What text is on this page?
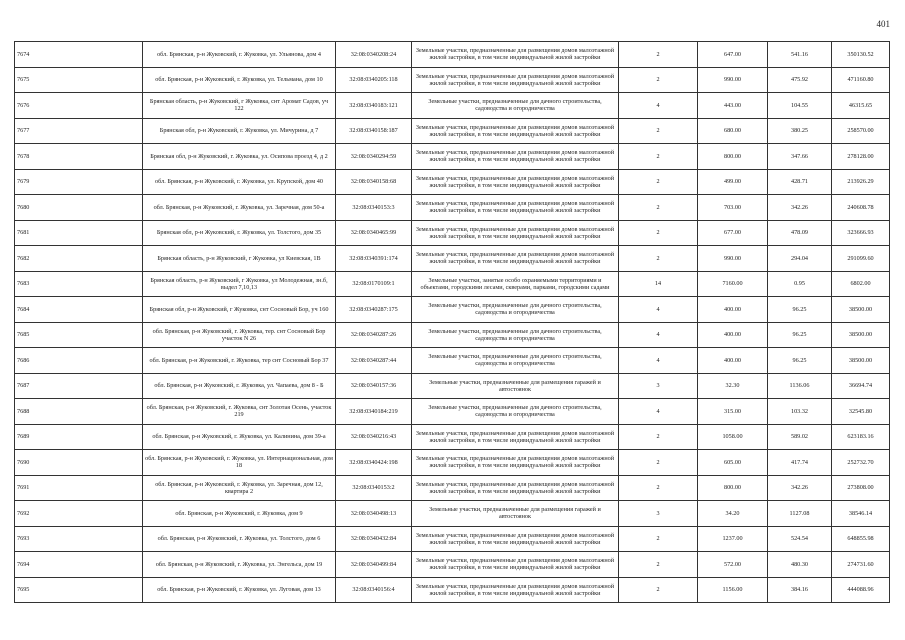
401
7674	обл. Брянская, р-н Жуковский, г. Жуковка, ул. Ульянова, дом 4	32:08:0340208:24	Земельные участки, предназначенные для размещения домов малоэтажной жилой застройки, в том числе индивидуальной жилой застройки	2	647.00	541.16	350130.52
7675	обл. Брянская, р-н Жуковский, г. Жуковка, ул. Тельмана, дом 10	32:08:0340205:118	Земельные участки, предназначенные для размещения домов малоэтажной жилой застройки, в том числе индивидуальной жилой застройки	2	990.00	475.92	471160.80
7676	Брянская область, р-н Жуковский, г Жуковка, снт Аромат Садов, уч 122	32:08:0340183:121	Земельные участки, предназначенные для дачного строительства, садоводства и огородничества	4	443.00	104.55	46315.65
7677	Брянская обл, р-н Жуковский, г. Жуковка, ул. Мичурина, д 7	32:08:0340158:187	Земельные участки, предназначенные для размещения домов малоэтажной жилой застройки, в том числе индивидуальной жилой застройки	2	680.00	380.25	258570.00
7678	Брянская обл, р-н Жуковский, г. Жуковка, ул. Осипова проезд 4, д 2	32:08:0340294:59	Земельные участки, предназначенные для размещения домов малоэтажной жилой застройки, в том числе индивидуальной жилой застройки	2	800.00	347.66	278128.00
7679	обл. Брянская, р-н Жуковский, г. Жуковка, ул. Крупской, дом 40	32:08:0340158:68	Земельные участки, предназначенные для размещения домов малоэтажной жилой застройки, в том числе индивидуальной жилой застройки	2	499.00	428.71	213926.29
7680	обл. Брянская, р-н Жуковский, г. Жуковка, ул. Заречная, дом 50-а	32:08:0340153:3	Земельные участки, предназначенные для размещения домов малоэтажной жилой застройки, в том числе индивидуальной жилой застройки	2	703.00	342.26	240608.78
7681	Брянская обл, р-н Жуковский, г. Жуковка, ул. Толстого, дом 35	32:08:0340465:99	Земельные участки, предназначенные для размещения домов малоэтажной жилой застройки, в том числе индивидуальной жилой застройки	2	677.00	478.09	323666.93
7682	Брянская область, р-н Жуковский, г Жуковка, ул Киевская, 1В	32:08:0340391:174	Земельные участки, предназначенные для размещения домов малоэтажной жилой застройки, в том числе индивидуальной жилой застройки	2	990.00	294.04	291099.60
7683	Брянская область, р-н Жуковский, г Жуковка, ул Молодежная, зн.б, выдел 7,10,13	32:08:0170109:1	Земельные участки, занятые особо охраняемыми территориями и объектами, городскими лесами, скверами, парками, городскими садами	14	7160.00	0.95	6802.00
7684	Брянская обл, р-н Жуковский, г Жуковка, снт Сосновый Бор, уч 160	32:08:0340287:175	Земельные участки, предназначенные для дачного строительства, садоводства и огородничества	4	400.00	96.25	38500.00
7685	обл. Брянская, р-н Жуковский, г. Жуковка, тер. снт Сосновый Бор участок N 26	32:08:0340287:26	Земельные участки, предназначенные для дачного строительства, садоводства и огородничества	4	400.00	96.25	38500.00
7686	обл. Брянская, р-н Жуковский, г. Жуковка, тер снт Сосновый Бор 37	32:08:0340287:44	Земельные участки, предназначенные для дачного строительства, садоводства и огородничества	4	400.00	96.25	38500.00
7687	обл. Брянская, р-н Жуковский, г. Жуковка, ул. Чапаева, дом 8 - Б	32:08:0340157:36	Земельные участки, предназначенные для размещения гаражей и автостоянок	3	32.30	1136.06	36694.74
7688	обл. Брянская, р-н Жуковский, г. Жуковка, снт Золотая Осень, участок 219	32:08:0340184:219	Земельные участки, предназначенные для дачного строительства, садоводства и огородничества	4	315.00	103.32	32545.80
7689	обл. Брянская, р-н Жуковский, г. Жуковка, ул. Калинина, дом 39-а	32:08:0340216:43	Земельные участки, предназначенные для размещения домов малоэтажной жилой застройки, в том числе индивидуальной жилой застройки	2	1058.00	589.02	623183.16
7690	обл. Брянская, р-н Жуковский, г. Жуковка, ул. Интернациональная, дом 18	32:08:0340424:198	Земельные участки, предназначенные для размещения домов малоэтажной жилой застройки, в том числе индивидуальной жилой застройки	2	605.00	417.74	252732.70
7691	обл. Брянская, р-н Жуковский, г. Жуковка, ул. Заречная, дом 12, квартира 2	32:08:0340153:2	Земельные участки, предназначенные для размещения домов малоэтажной жилой застройки, в том числе индивидуальной жилой застройки	2	800.00	342.26	273808.00
7692	обл. Брянская, р-н Жуковский, г. Жуковка, дом 9	32:08:0340498:13	Земельные участки, предназначенные для размещения гаражей и автостоянок	3	34.20	1127.08	38546.14
7693	обл. Брянская, р-н Жуковский, г. Жуковка, ул. Толстого, дом 6	32:08:0340432:84	Земельные участки, предназначенные для размещения домов малоэтажной жилой застройки, в том числе индивидуальной жилой застройки	2	1237.00	524.54	648855.98
7694	обл. Брянская, р-н Жуковский, г. Жуковка, ул. Энгельса, дом 19	32:08:0340499:84	Земельные участки, предназначенные для размещения домов малоэтажной жилой застройки, в том числе индивидуальной жилой застройки	2	572.00	480.30	274731.60
7695	обл. Брянская, р-н Жуковский, г. Жуковка, ул. Луговая, дом 13	32:08:0340156:4	Земельные участки, предназначенные для размещения домов малоэтажной жилой застройки, в том числе индивидуальной жилой застройки	2	1156.00	384.16	444088.96
